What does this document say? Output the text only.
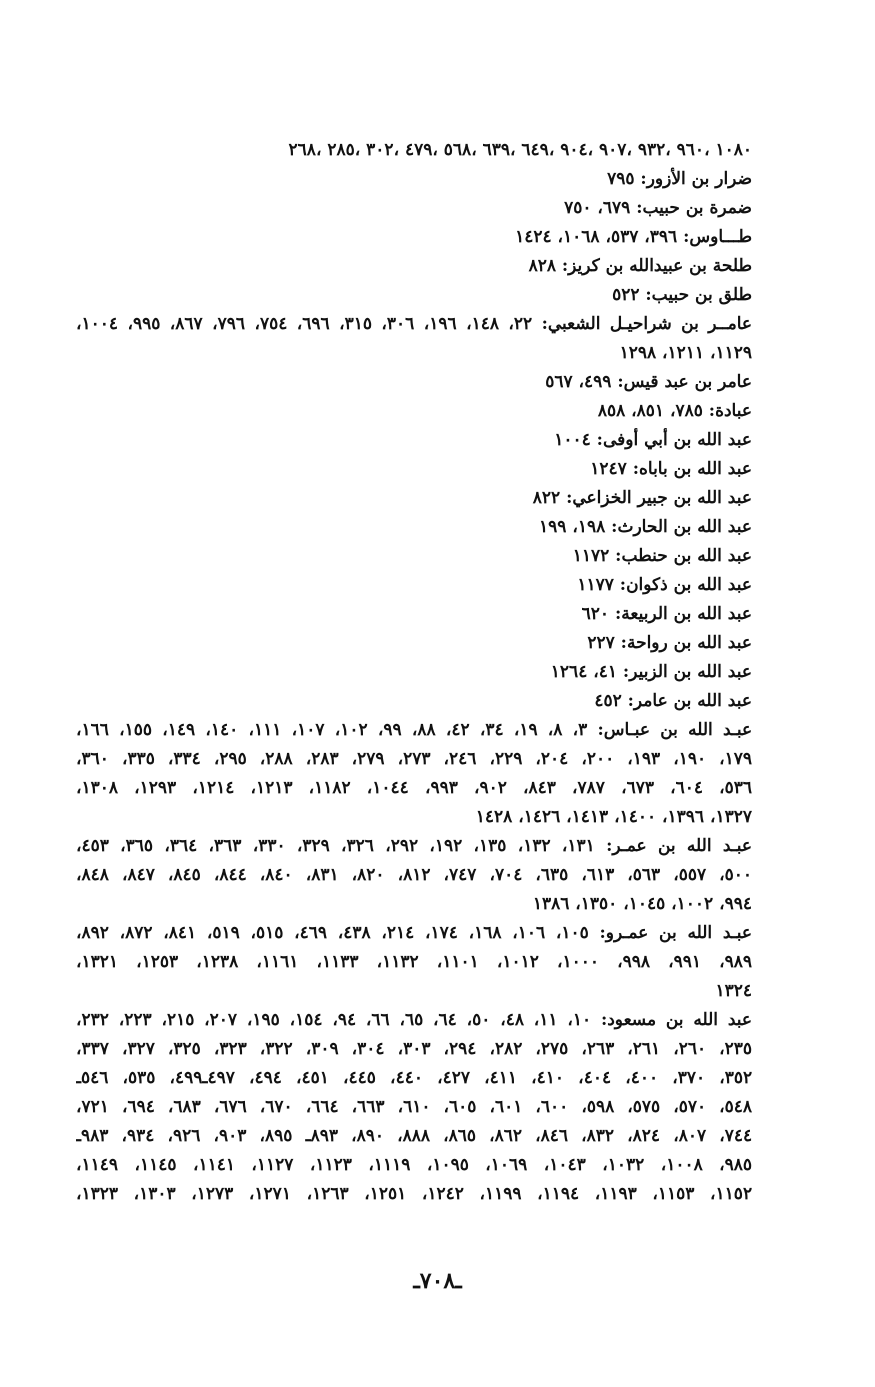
١٠٨٠ ،٩٦٠ ،٩٣٢ ،٩٠٧ ،٩٠٤ ،٦٤٩ ،٦٣٩ ،٥٦٨ ،٤٧٩ ،٣٠٢ ،٢٨٥ ،٢٦٨
ضرار بن الأزور: ٧٩٥
ضمرة بن حبيب: ٦٧٩، ٧٥٠
طـــاوس: ٣٩٦، ٥٣٧، ١٠٦٨، ١٤٢٤
طلحة بن عبيدالله بن كريز: ٨٢٨
طلق بن حبيب: ٥٢٢
عامــر بن شراحيـل الشعبي: ٢٢، ١٤٨، ١٩٦، ٣٠٦، ٣١٥، ٦٩٦، ٧٥٤، ٧٩٦، ٨٦٧، ٩٩٥، ١٠٠٤،
١١٢٩، ١٢١١، ١٢٩٨
عامر بن عبد قيس: ٤٩٩، ٥٦٧
عبادة: ٧٨٥، ٨٥١، ٨٥٨
عبد الله بن أبي أوفى: ١٠٠٤
عبد الله بن باباه: ١٢٤٧
عبد الله بن جبير الخزاعي: ٨٢٢
عبد الله بن الحارث: ١٩٨، ١٩٩
عبد الله بن حنطب: ١١٧٢
عبد الله بن ذكوان: ١١٧٧
عبد الله بن الربيعة: ٦٢٠
عبد الله بن رواحة: ٢٢٧
عبد الله بن الزبير: ٤١، ١٢٦٤
عبد الله بن عامر: ٤٥٢
عبـد الله بن عبـاس: ٣، ٨، ١٩، ٣٤، ٤٢، ٨٨، ٩٩، ١٠٢، ١٠٧، ١١١، ١٤٠، ١٤٩، ١٥٥، ١٦٦،
١٧٩، ١٩٠، ١٩٣، ٢٠٠، ٢٠٤، ٢٢٩، ٢٤٦، ٢٧٣، ٢٧٩، ٢٨٣، ٢٨٨، ٢٩٥، ٣٣٤، ٣٣٥، ٣٦٠،
٥٣٦، ٦٠٤، ٦٧٣، ٧٨٧، ٨٤٣، ٩٠٢، ٩٩٣، ١٠٤٤، ١١٨٢، ١٢١٣، ١٢١٤، ١٢٩٣، ١٣٠٨،
١٣٢٧، ١٣٩٦، ١٤٠٠، ١٤١٣، ١٤٢٦، ١٤٢٨
عبـد الله بن عمـر: ١٣١، ١٣٢، ١٣٥، ١٩٢، ٢٩٢، ٣٢٦، ٣٢٩، ٣٣٠، ٣٦٣، ٣٦٤، ٣٦٥، ٤٥٣،
٥٠٠، ٥٥٧، ٥٦٣، ٦١٣، ٦٣٥، ٧٠٤، ٧٤٧، ٨١٢، ٨٢٠، ٨٣١، ٨٤٠، ٨٤٤، ٨٤٥، ٨٤٧، ٨٤٨،
٩٩٤، ١٠٠٢، ١٠٤٥، ١٣٥٠، ١٣٨٦
عبـد الله بن عمـرو: ١٠٥، ١٠٦، ١٦٨، ١٧٤، ٢١٤، ٤٣٨، ٤٦٩، ٥١٥، ٥١٩، ٨٤١، ٨٧٢، ٨٩٢،
٩٨٩، ٩٩١، ٩٩٨، ١٠٠٠، ١٠١٢، ١١٠١، ١١٣٢، ١١٣٣، ١١٦١، ١٢٣٨، ١٢٥٣، ١٣٢١،
١٣٢٤
عبد الله بن مسعود: ١٠، ١١، ٤٨، ٥٠، ٦٤، ٦٥، ٦٦، ٩٤، ١٥٤، ١٩٥، ٢٠٧، ٢١٥، ٢٢٣، ٢٣٢،
٢٣٥، ٢٦٠، ٢٦١، ٢٦٣، ٢٧٥، ٢٨٢، ٢٩٤، ٣٠٣، ٣٠٤، ٣٠٩، ٣٢٢، ٣٢٣، ٣٢٥، ٣٢٧، ٣٣٧،
٣٥٢، ٣٧٠، ٤٠٠، ٤٠٤، ٤١٠، ٤١١، ٤٢٧، ٤٤٠، ٤٤٥، ٤٥١، ٤٩٤، ٤٩٧ـ٤٩٩، ٥٣٥، ٥٤٦ـ
٥٤٨، ٥٧٠، ٥٧٥، ٥٩٨، ٦٠٠، ٦٠١، ٦٠٥، ٦١٠، ٦٦٣، ٦٦٤، ٦٧٠، ٦٧٦، ٦٨٣، ٦٩٤، ٧٢١،
٧٤٤، ٨٠٧، ٨٢٤، ٨٣٢، ٨٤٦، ٨٦٢، ٨٦٥، ٨٨٨، ٨٩٠، ٨٩٣ـ ٨٩٥، ٩٠٣، ٩٢٦، ٩٣٤، ٩٨٣ـ
٩٨٥، ١٠٠٨، ١٠٣٢، ١٠٤٣، ١٠٦٩، ١٠٩٥، ١١١٩، ١١٢٣، ١١٢٧، ١١٤١، ١١٤٥، ١١٤٩،
١١٥٢، ١١٥٣، ١١٩٣، ١١٩٤، ١١٩٩، ١٢٤٢، ١٢٥١، ١٢٦٣، ١٢٧١، ١٢٧٣، ١٣٠٣، ١٣٢٣،
ـ٧٠٨ـ
